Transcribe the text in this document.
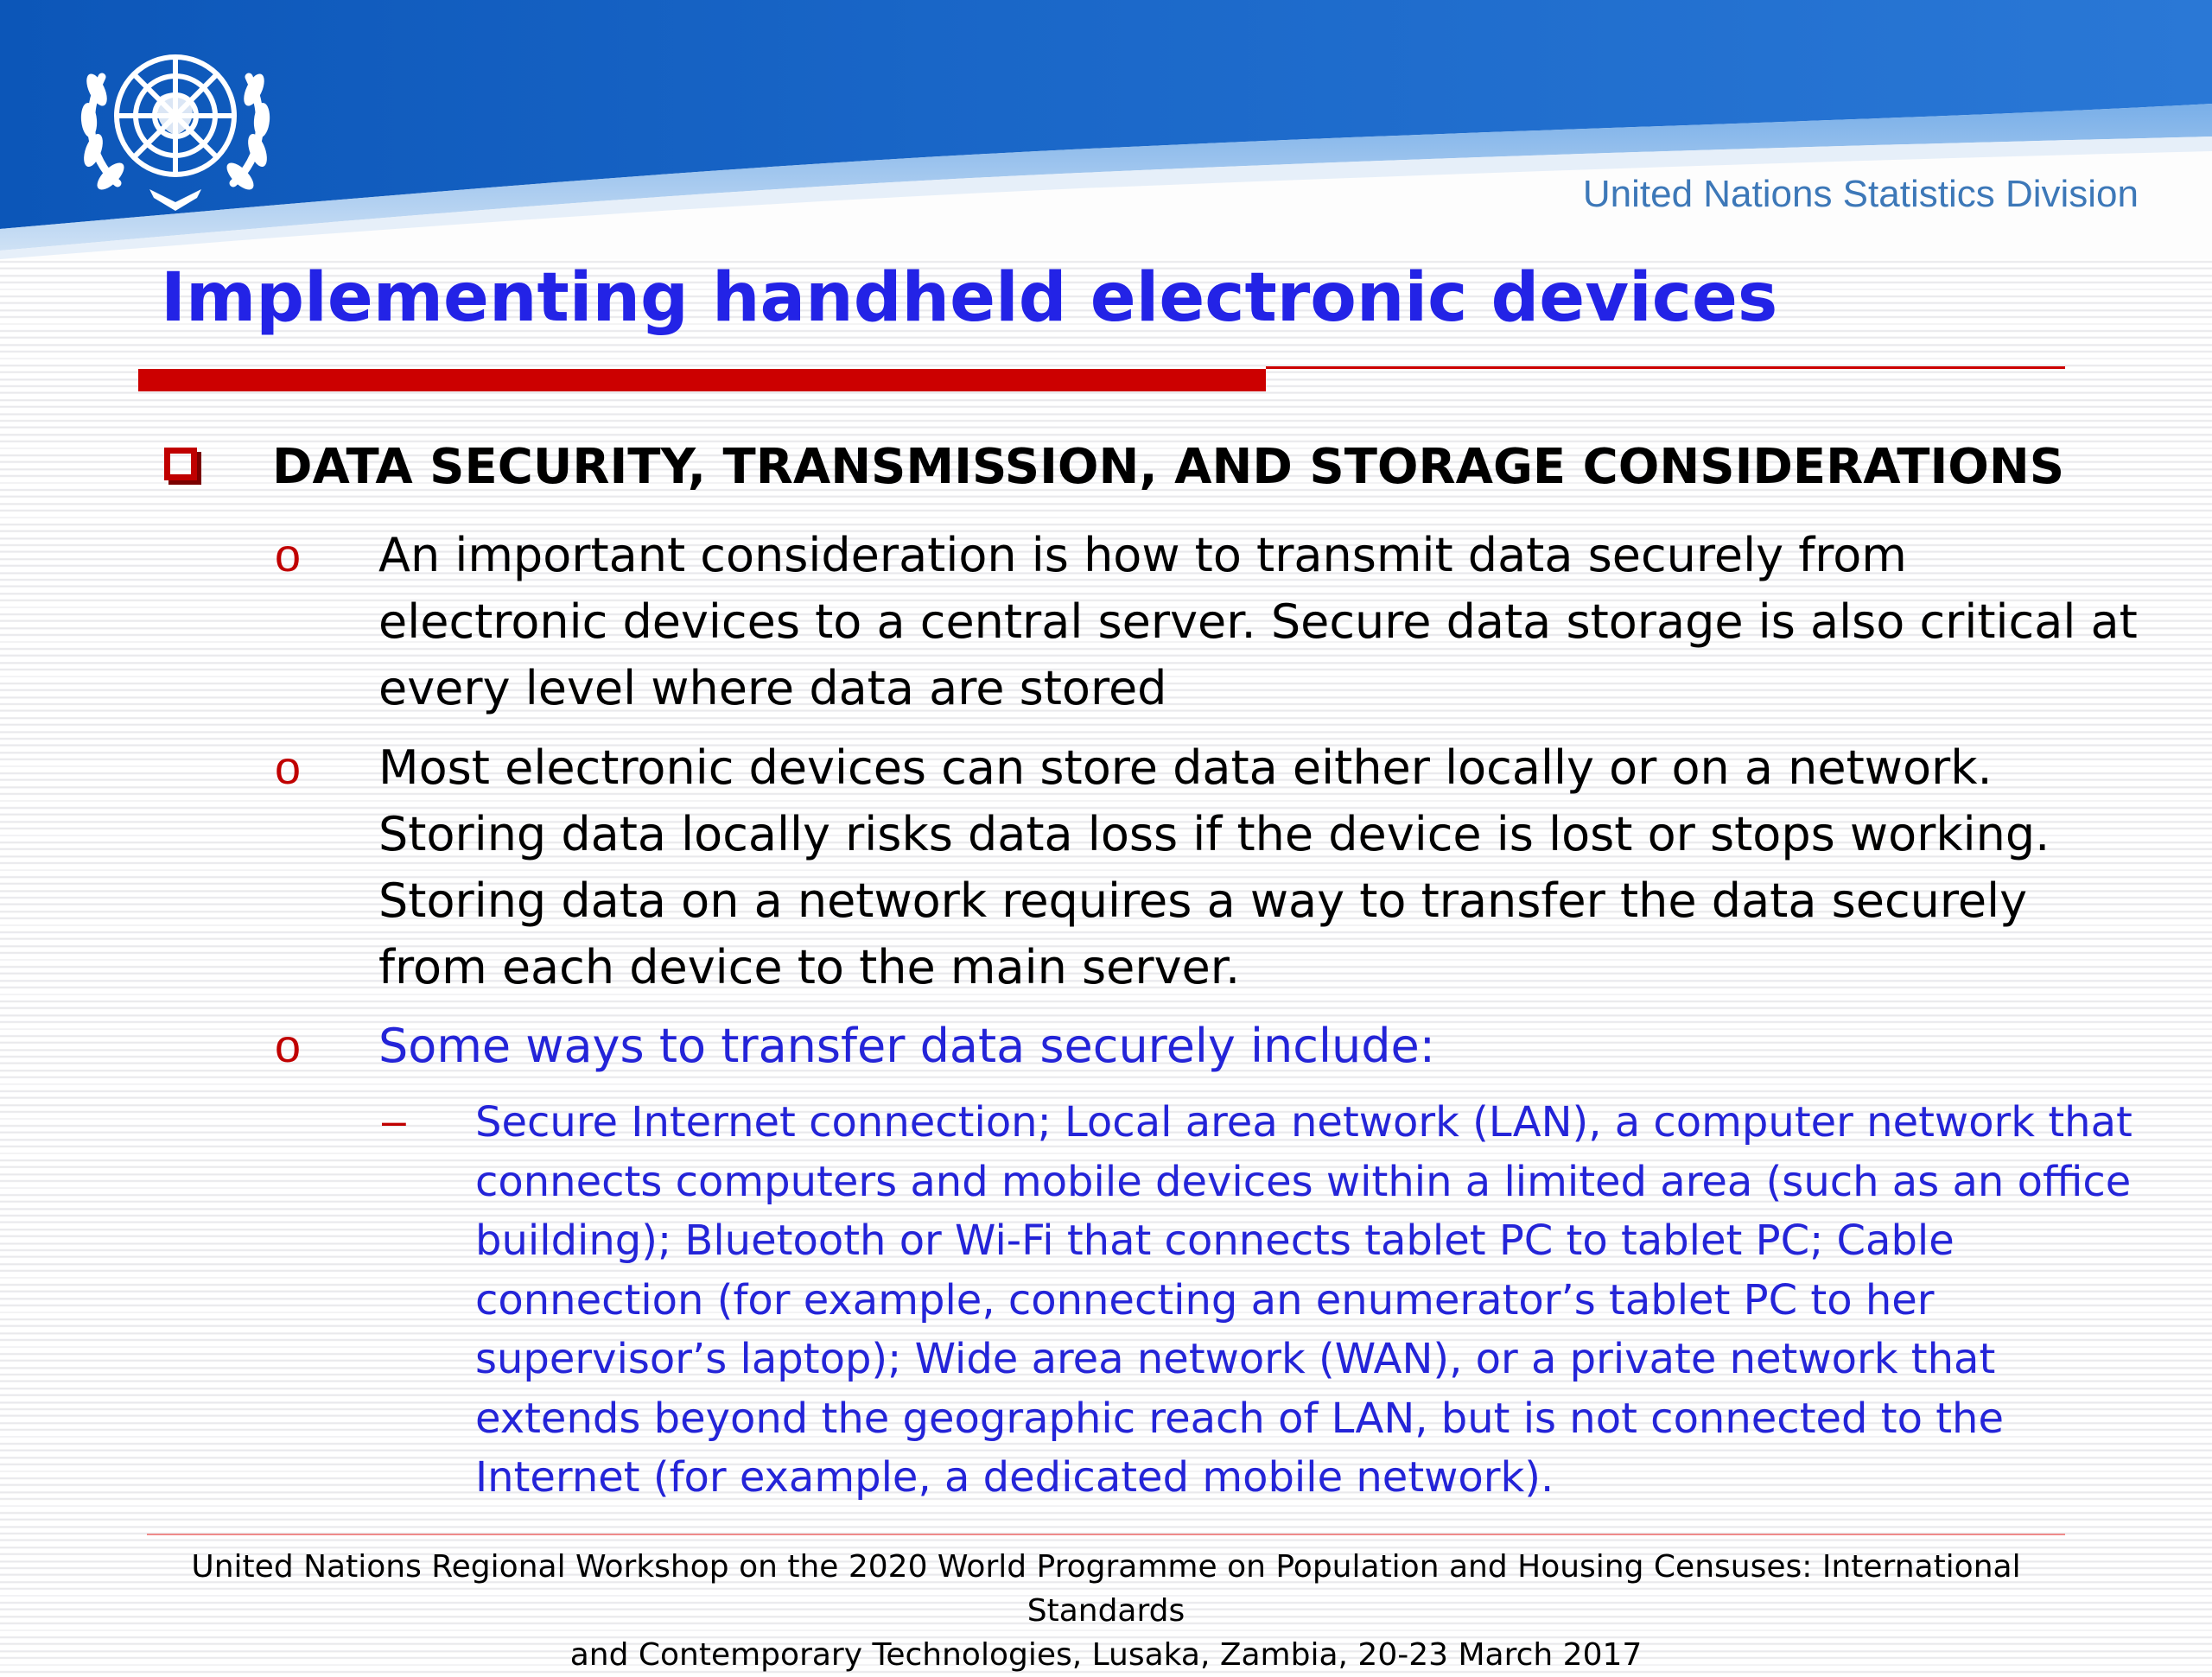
United Nations Statistics Division
Implementing handheld electronic devices
DATA SECURITY, TRANSMISSION, AND STORAGE CONSIDERATIONS
o An important consideration is how to transmit data securely from electronic devices to a central server. Secure data storage is also critical at every level where data are stored
o Most electronic devices can store data either locally or on a network. Storing data locally risks data loss if the device is lost or stops working. Storing data on a network requires a way to transfer the data securely from each device to the main server.
o Some ways to transfer data securely include:
– Secure Internet connection; Local area network (LAN), a computer network that connects computers and mobile devices within a limited area (such as an office building); Bluetooth or Wi-Fi that connects tablet PC to tablet PC; Cable connection (for example, connecting an enumerator’s tablet PC to her supervisor’s laptop); Wide area network (WAN), or a private network that extends beyond the geographic reach of LAN, but is not connected to the Internet (for example, a dedicated mobile network).
United Nations Regional Workshop on the 2020 World Programme on Population and Housing Censuses: International Standards
and Contemporary Technologies, Lusaka, Zambia, 20-23 March 2017
